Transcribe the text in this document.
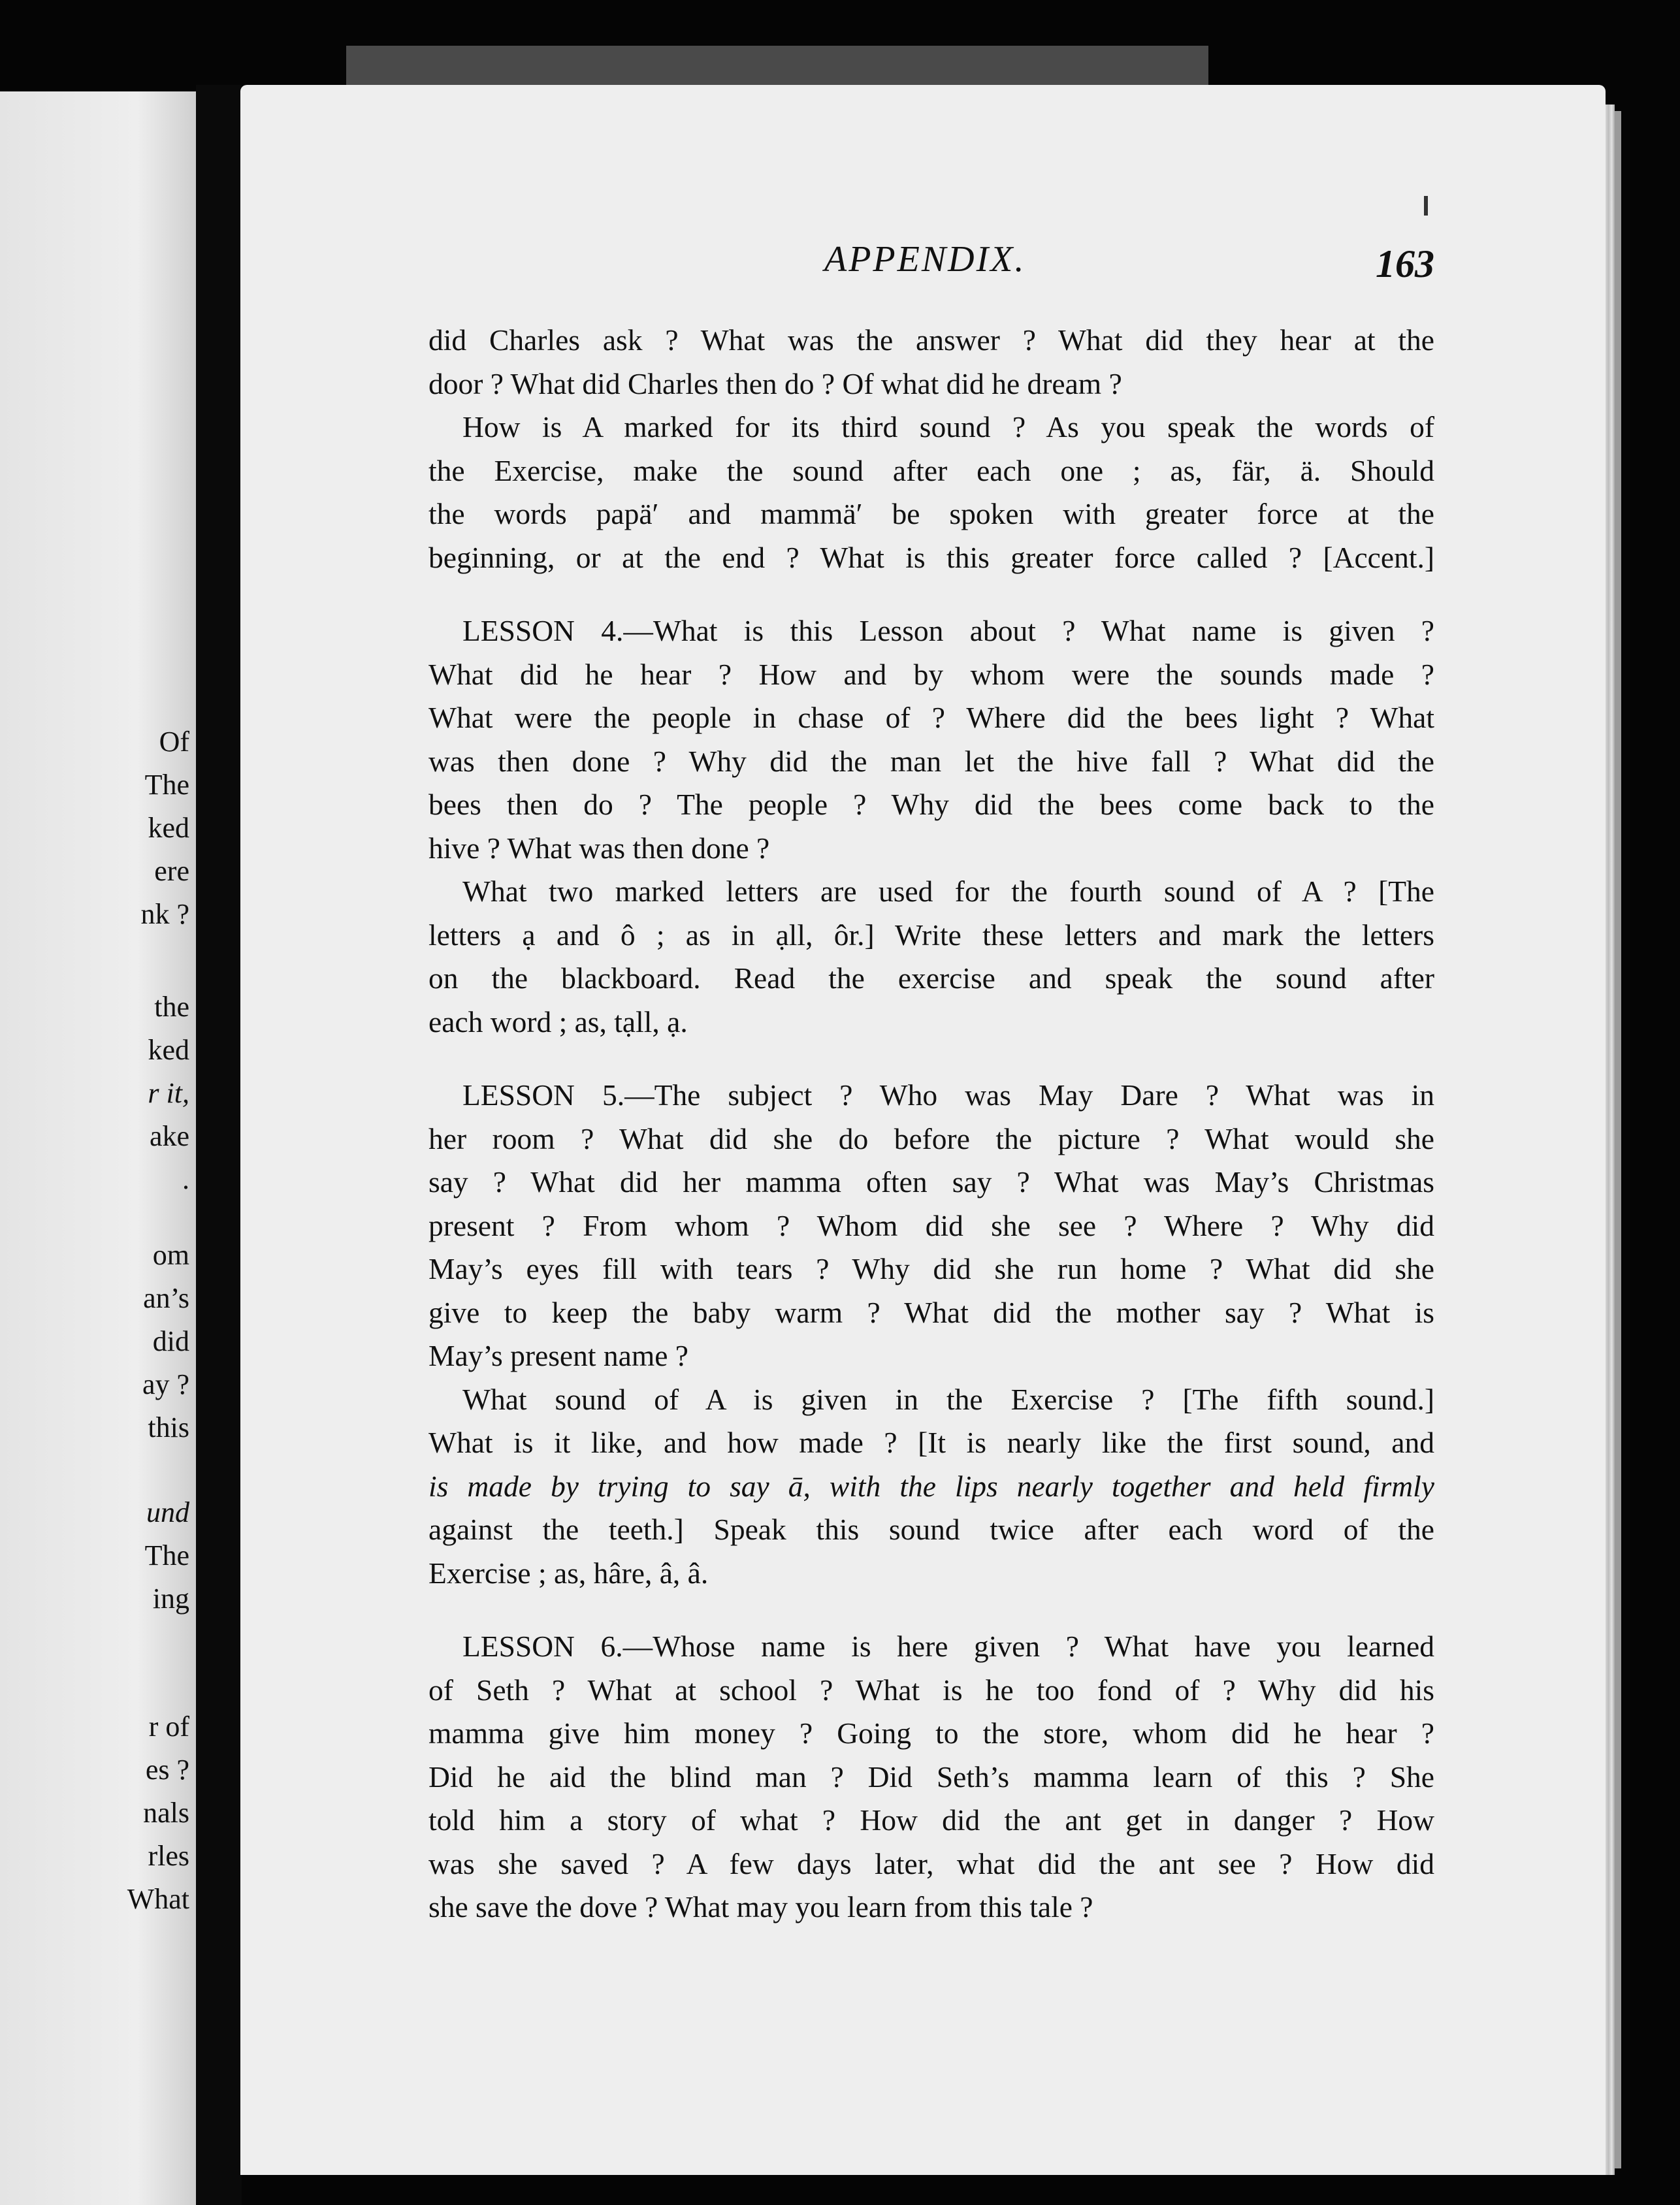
Of
The
ked
ere
nk ?
the
ked
r it,
ake
.
om
an’s
did
ay ?
this
und
The
ing
r of
es ?
nals
rles
What
APPENDIX.	163
did Charles ask ? What was the answer ? What did they hear at the
door ? What did Charles then do ? Of what did he dream ?
How is A marked for its third sound ? As you speak the words of
the Exercise, make the sound after each one ; as, fär, ä. Should
the words papä′ and mammä′ be spoken with greater force at the
beginning, or at the end ? What is this greater force called ? [Accent.]
LESSON 4.—What is this Lesson about ? What name is given ?
What did he hear ? How and by whom were the sounds made ?
What were the people in chase of ? Where did the bees light ? What
was then done ? Why did the man let the hive fall ? What did the
bees then do ? The people ? Why did the bees come back to the
hive ? What was then done ?
What two marked letters are used for the fourth sound of A ? [The
letters ạ and ô ; as in ạll, ôr.] Write these letters and mark the letters
on the blackboard. Read the exercise and speak the sound after
each word ; as, tạll, ạ.
LESSON 5.—The subject ? Who was May Dare ? What was in
her room ? What did she do before the picture ? What would she
say ? What did her mamma often say ? What was May’s Christmas
present ? From whom ? Whom did she see ? Where ? Why did
May’s eyes fill with tears ? Why did she run home ? What did she
give to keep the baby warm ? What did the mother say ? What is
May’s present name ?
What sound of A is given in the Exercise ? [The fifth sound.]
What is it like, and how made ? [It is nearly like the first sound, and
is made by trying to say ā, with the lips nearly together and held firmly
against the teeth.] Speak this sound twice after each word of the
Exercise ; as, hâre, â, â.
LESSON 6.—Whose name is here given ? What have you learned
of Seth ? What at school ? What is he too fond of ? Why did his
mamma give him money ? Going to the store, whom did he hear ?
Did he aid the blind man ? Did Seth’s mamma learn of this ? She
told him a story of what ? How did the ant get in danger ? How
was she saved ? A few days later, what did the ant see ? How did
she save the dove ? What may you learn from this tale ?
